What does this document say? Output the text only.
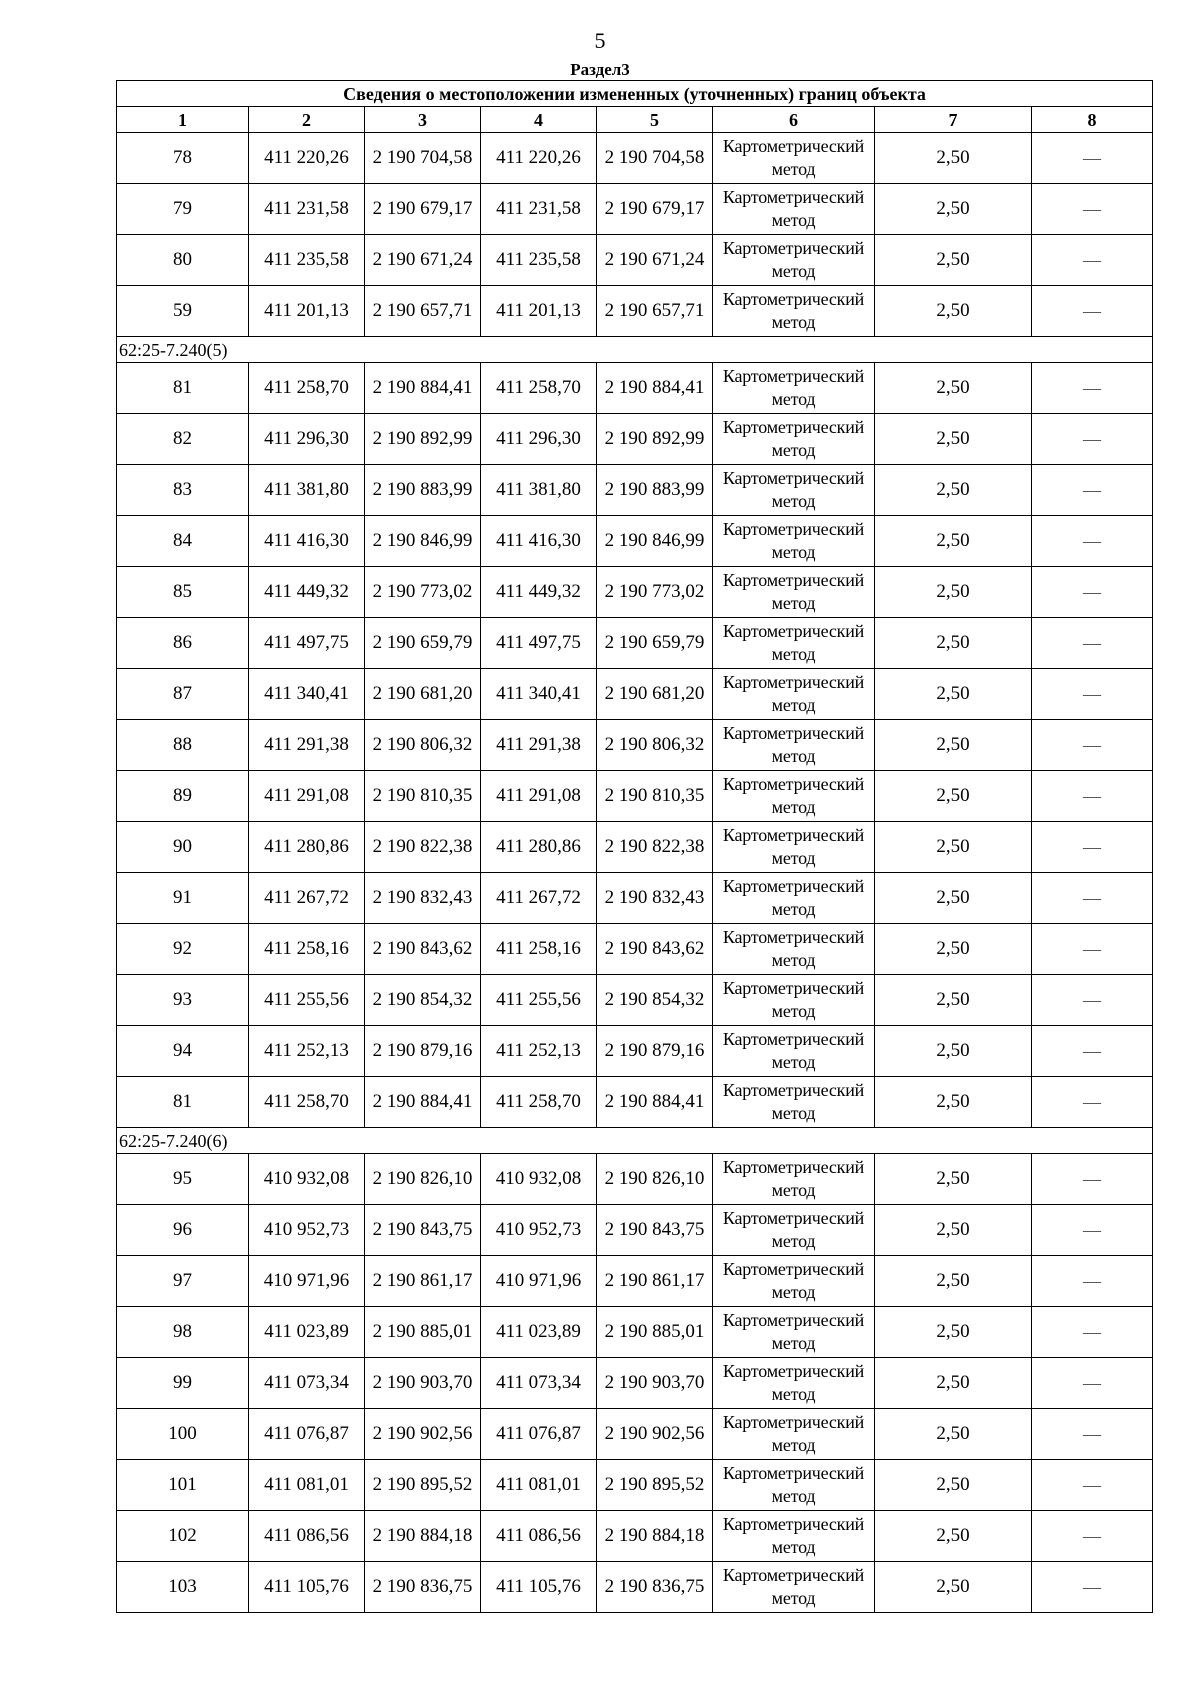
5
Раздел3
Сведения о местоположении измененных (уточненных) границ объекта							
1	2	3	4	5	6	7	8
78	411 220,26	2 190 704,58	411 220,26	2 190 704,58	Картометрический метод	2,50	—
79	411 231,58	2 190 679,17	411 231,58	2 190 679,17	Картометрический метод	2,50	—
80	411 235,58	2 190 671,24	411 235,58	2 190 671,24	Картометрический метод	2,50	—
59	411 201,13	2 190 657,71	411 201,13	2 190 657,71	Картометрический метод	2,50	—
62:25-7.240(5)							
81	411 258,70	2 190 884,41	411 258,70	2 190 884,41	Картометрический метод	2,50	—
82	411 296,30	2 190 892,99	411 296,30	2 190 892,99	Картометрический метод	2,50	—
83	411 381,80	2 190 883,99	411 381,80	2 190 883,99	Картометрический метод	2,50	—
84	411 416,30	2 190 846,99	411 416,30	2 190 846,99	Картометрический метод	2,50	—
85	411 449,32	2 190 773,02	411 449,32	2 190 773,02	Картометрический метод	2,50	—
86	411 497,75	2 190 659,79	411 497,75	2 190 659,79	Картометрический метод	2,50	—
87	411 340,41	2 190 681,20	411 340,41	2 190 681,20	Картометрический метод	2,50	—
88	411 291,38	2 190 806,32	411 291,38	2 190 806,32	Картометрический метод	2,50	—
89	411 291,08	2 190 810,35	411 291,08	2 190 810,35	Картометрический метод	2,50	—
90	411 280,86	2 190 822,38	411 280,86	2 190 822,38	Картометрический метод	2,50	—
91	411 267,72	2 190 832,43	411 267,72	2 190 832,43	Картометрический метод	2,50	—
92	411 258,16	2 190 843,62	411 258,16	2 190 843,62	Картометрический метод	2,50	—
93	411 255,56	2 190 854,32	411 255,56	2 190 854,32	Картометрический метод	2,50	—
94	411 252,13	2 190 879,16	411 252,13	2 190 879,16	Картометрический метод	2,50	—
81	411 258,70	2 190 884,41	411 258,70	2 190 884,41	Картометрический метод	2,50	—
62:25-7.240(6)							
95	410 932,08	2 190 826,10	410 932,08	2 190 826,10	Картометрический метод	2,50	—
96	410 952,73	2 190 843,75	410 952,73	2 190 843,75	Картометрический метод	2,50	—
97	410 971,96	2 190 861,17	410 971,96	2 190 861,17	Картометрический метод	2,50	—
98	411 023,89	2 190 885,01	411 023,89	2 190 885,01	Картометрический метод	2,50	—
99	411 073,34	2 190 903,70	411 073,34	2 190 903,70	Картометрический метод	2,50	—
100	411 076,87	2 190 902,56	411 076,87	2 190 902,56	Картометрический метод	2,50	—
101	411 081,01	2 190 895,52	411 081,01	2 190 895,52	Картометрический метод	2,50	—
102	411 086,56	2 190 884,18	411 086,56	2 190 884,18	Картометрический метод	2,50	—
103	411 105,76	2 190 836,75	411 105,76	2 190 836,75	Картометрический метод	2,50	—
